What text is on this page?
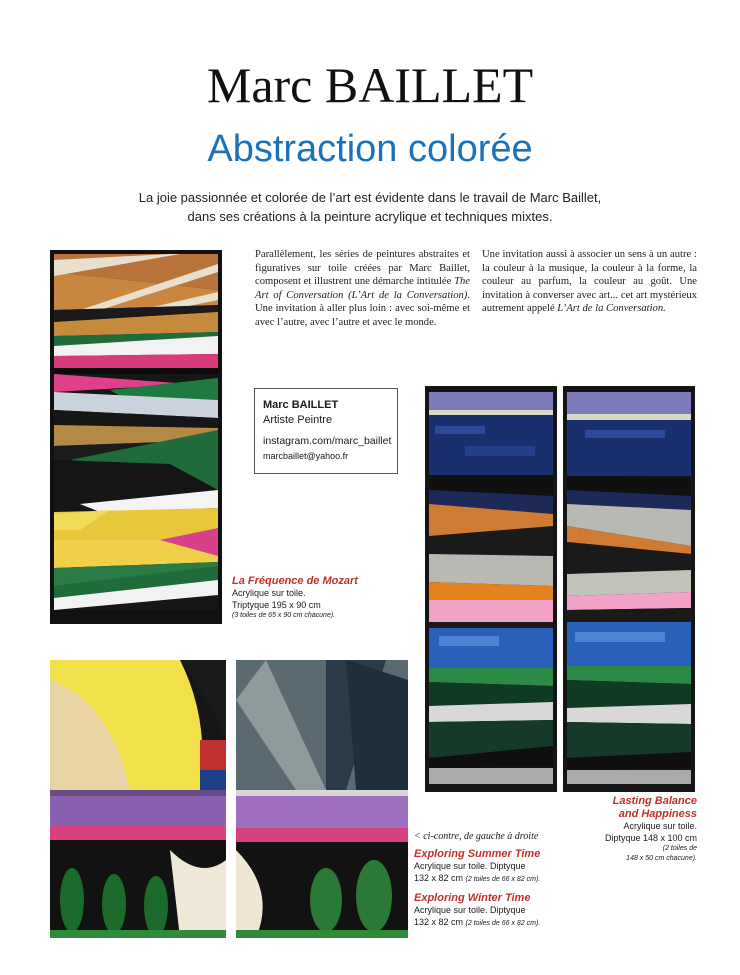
Marc BAILLET
Abstraction colorée
La joie passionnée et colorée de l’art est évidente dans le travail de Marc Baillet,
dans ses créations à la peinture acrylique et techniques mixtes.
Parallèlement, les séries de peintures abstraites et figuratives sur toile créées par Marc Baillet, composent et illustrent une démarche intitulée The Art of Conversation (L’Art de la Conversation). Une invitation à aller plus loin : avec soi-même et avec l’autre, avec l’autre et avec le monde.
Une invitation aussi à associer un sens à un autre : la couleur à la musique, la couleur à la forme, la couleur au parfum, la couleur au goût. Une invitation à converser avec art... cet art mystérieux autrement appelé L’Art de la Conversation.
Marc BAILLET
Artiste Peintre
instagram.com/marc_baillet
marcbaillet@yahoo.fr
La Fréquence de Mozart
Acrylique sur toile.
Triptyque 195 x 90 cm
(3 toiles de 65 x 90 cm chacune).
Lasting Balance
and Happiness
Acrylique sur toile.
Diptyque 148 x 100 cm
(2 toiles de
148 x 50 cm chacune).
< ci-contre, de gauche à droite
Exploring Summer Time
Acrylique sur toile. Diptyque
132 x 82 cm (2 toiles de 66 x 82 cm).
Exploring Winter Time
Acrylique sur toile. Diptyque
132 x 82 cm (2 toiles de 66 x 82 cm).
